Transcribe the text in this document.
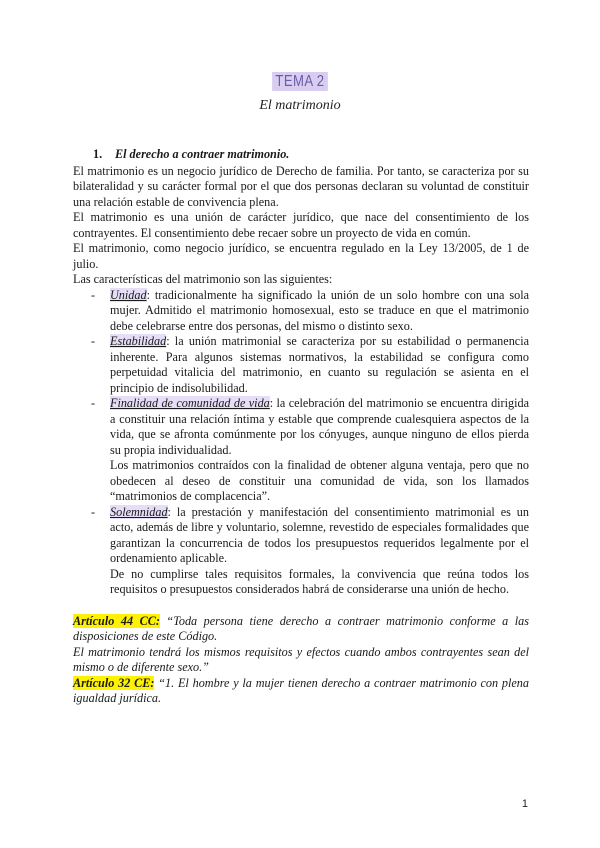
TEMA 2
El matrimonio
1. El derecho a contraer matrimonio.

El matrimonio es un negocio jurídico de Derecho de familia. Por tanto, se caracteriza por su bilateralidad y su carácter formal por el que dos personas declaran su voluntad de constituir una relación estable de convivencia plena.

El matrimonio es una unión de carácter jurídico, que nace del consentimiento de los contrayentes. El consentimiento debe recaer sobre un proyecto de vida en común.

El matrimonio, como negocio jurídico, se encuentra regulado en la Ley 13/2005, de 1 de julio.

Las características del matrimonio son las siguientes:

- Unidad: tradicionalmente ha significado la unión de un solo hombre con una sola mujer. Admitido el matrimonio homosexual, esto se traduce en que el matrimonio debe celebrarse entre dos personas, del mismo o distinto sexo.
- Estabilidad: la unión matrimonial se caracteriza por su estabilidad o permanencia inherente. Para algunos sistemas normativos, la estabilidad se configura como perpetuidad vitalicia del matrimonio, en cuanto su regulación se asienta en el principio de indisolubilidad.
- Finalidad de comunidad de vida: la celebración del matrimonio se encuentra dirigida a constituir una relación íntima y estable que comprende cualesquiera aspectos de la vida, que se afronta comúnmente por los cónyuges, aunque ninguno de ellos pierda su propia individualidad.
Los matrimonios contraídos con la finalidad de obtener alguna ventaja, pero que no obedecen al deseo de constituir una comunidad de vida, son los llamados “matrimonios de complacencia”.
- Solemnidad: la prestación y manifestación del consentimiento matrimonial es un acto, además de libre y voluntario, solemne, revestido de especiales formalidades que garantizan la concurrencia de todos los presupuestos requeridos legalmente por el ordenamiento aplicable.
De no cumplirse tales requisitos formales, la convivencia que reúna todos los requisitos o presupuestos considerados habrá de considerarse una unión de hecho.

Artículo 44 CC: “Toda persona tiene derecho a contraer matrimonio conforme a las disposiciones de este Código.

El matrimonio tendrá los mismos requisitos y efectos cuando ambos contrayentes sean del mismo o de diferente sexo.”

Artículo 32 CE: “1. El hombre y la mujer tienen derecho a contraer matrimonio con plena igualdad jurídica.

1
